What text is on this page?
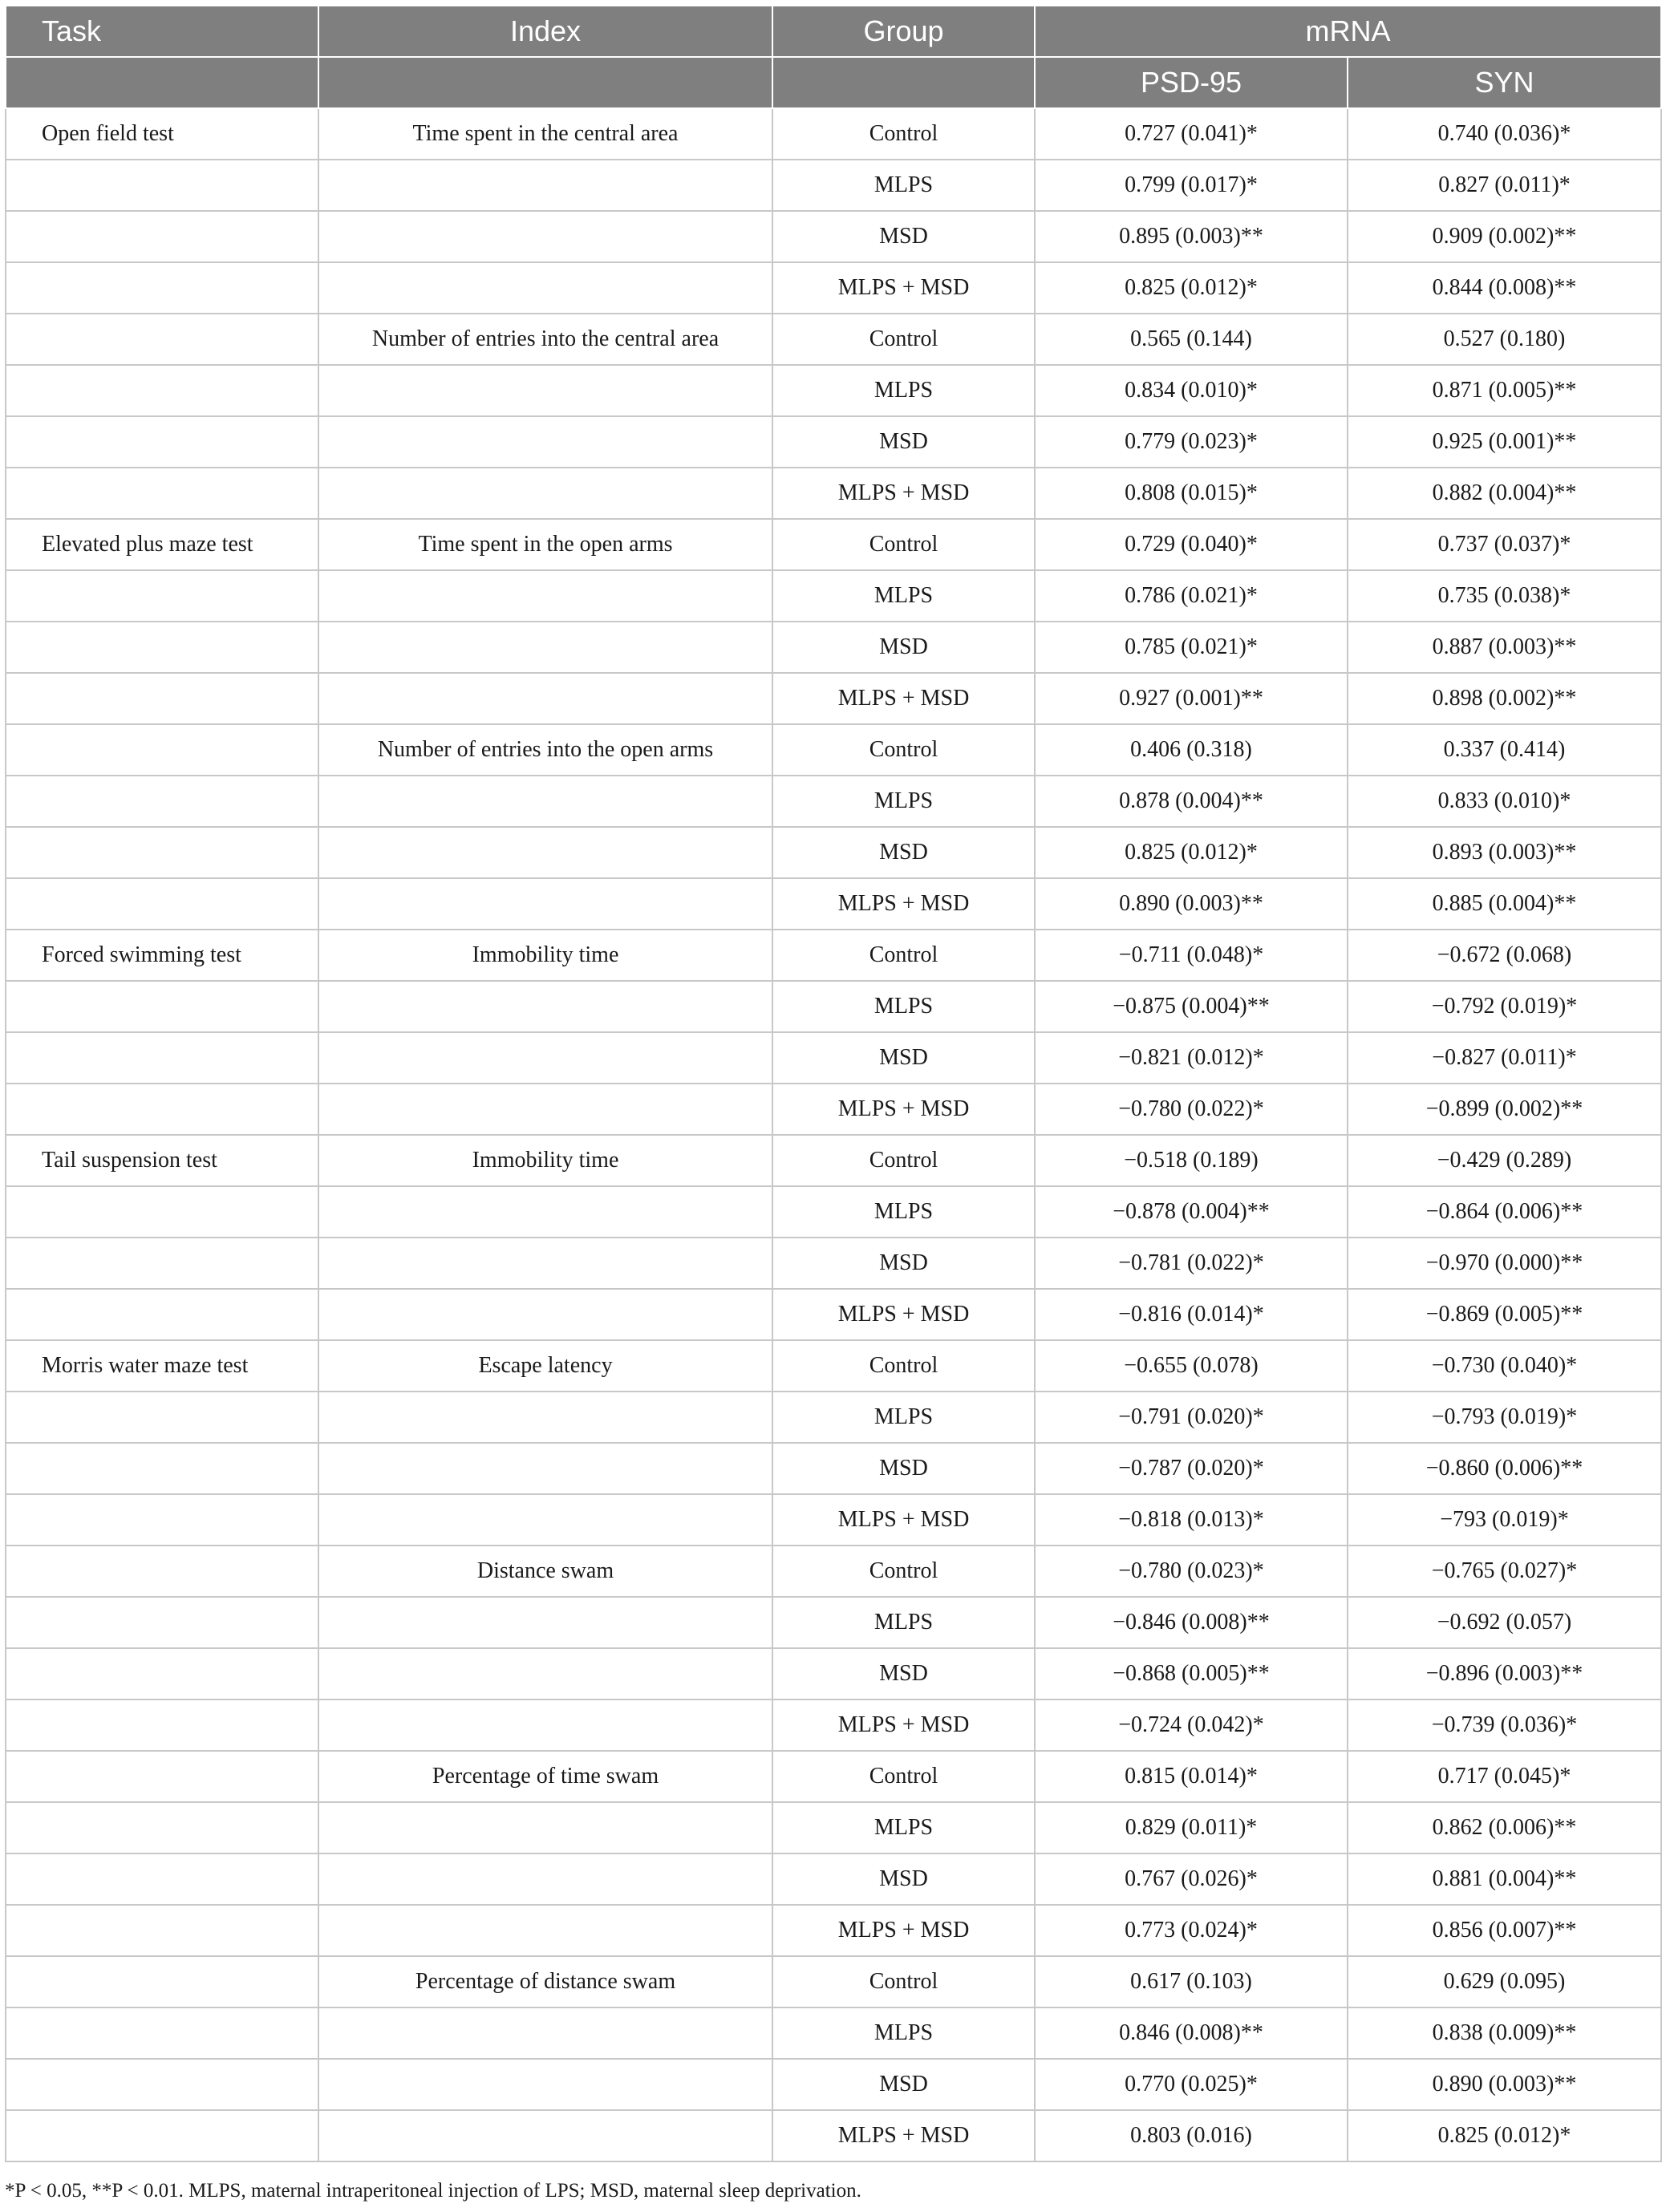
Task	Index	Group	mRNA	
			PSD-95	SYN
Open field test	Time spent in the central area	Control	0.727 (0.041)*	0.740 (0.036)*
		MLPS	0.799 (0.017)*	0.827 (0.011)*
		MSD	0.895 (0.003)**	0.909 (0.002)**
		MLPS + MSD	0.825 (0.012)*	0.844 (0.008)**
	Number of entries into the central area	Control	0.565 (0.144)	0.527 (0.180)
		MLPS	0.834 (0.010)*	0.871 (0.005)**
		MSD	0.779 (0.023)*	0.925 (0.001)**
		MLPS + MSD	0.808 (0.015)*	0.882 (0.004)**
Elevated plus maze test	Time spent in the open arms	Control	0.729 (0.040)*	0.737 (0.037)*
		MLPS	0.786 (0.021)*	0.735 (0.038)*
		MSD	0.785 (0.021)*	0.887 (0.003)**
		MLPS + MSD	0.927 (0.001)**	0.898 (0.002)**
	Number of entries into the open arms	Control	0.406 (0.318)	0.337 (0.414)
		MLPS	0.878 (0.004)**	0.833 (0.010)*
		MSD	0.825 (0.012)*	0.893 (0.003)**
		MLPS + MSD	0.890 (0.003)**	0.885 (0.004)**
Forced swimming test	Immobility time	Control	−0.711 (0.048)*	−0.672 (0.068)
		MLPS	−0.875 (0.004)**	−0.792 (0.019)*
		MSD	−0.821 (0.012)*	−0.827 (0.011)*
		MLPS + MSD	−0.780 (0.022)*	−0.899 (0.002)**
Tail suspension test	Immobility time	Control	−0.518 (0.189)	−0.429 (0.289)
		MLPS	−0.878 (0.004)**	−0.864 (0.006)**
		MSD	−0.781 (0.022)*	−0.970 (0.000)**
		MLPS + MSD	−0.816 (0.014)*	−0.869 (0.005)**
Morris water maze test	Escape latency	Control	−0.655 (0.078)	−0.730 (0.040)*
		MLPS	−0.791 (0.020)*	−0.793 (0.019)*
		MSD	−0.787 (0.020)*	−0.860 (0.006)**
		MLPS + MSD	−0.818 (0.013)*	−793 (0.019)*
	Distance swam	Control	−0.780 (0.023)*	−0.765 (0.027)*
		MLPS	−0.846 (0.008)**	−0.692 (0.057)
		MSD	−0.868 (0.005)**	−0.896 (0.003)**
		MLPS + MSD	−0.724 (0.042)*	−0.739 (0.036)*
	Percentage of time swam	Control	0.815 (0.014)*	0.717 (0.045)*
		MLPS	0.829 (0.011)*	0.862 (0.006)**
		MSD	0.767 (0.026)*	0.881 (0.004)**
		MLPS + MSD	0.773 (0.024)*	0.856 (0.007)**
	Percentage of distance swam	Control	0.617 (0.103)	0.629 (0.095)
		MLPS	0.846 (0.008)**	0.838 (0.009)**
		MSD	0.770 (0.025)*	0.890 (0.003)**
		MLPS + MSD	0.803 (0.016)	0.825 (0.012)*
*P < 0.05, **P < 0.01. MLPS, maternal intraperitoneal injection of LPS; MSD, maternal sleep deprivation.
